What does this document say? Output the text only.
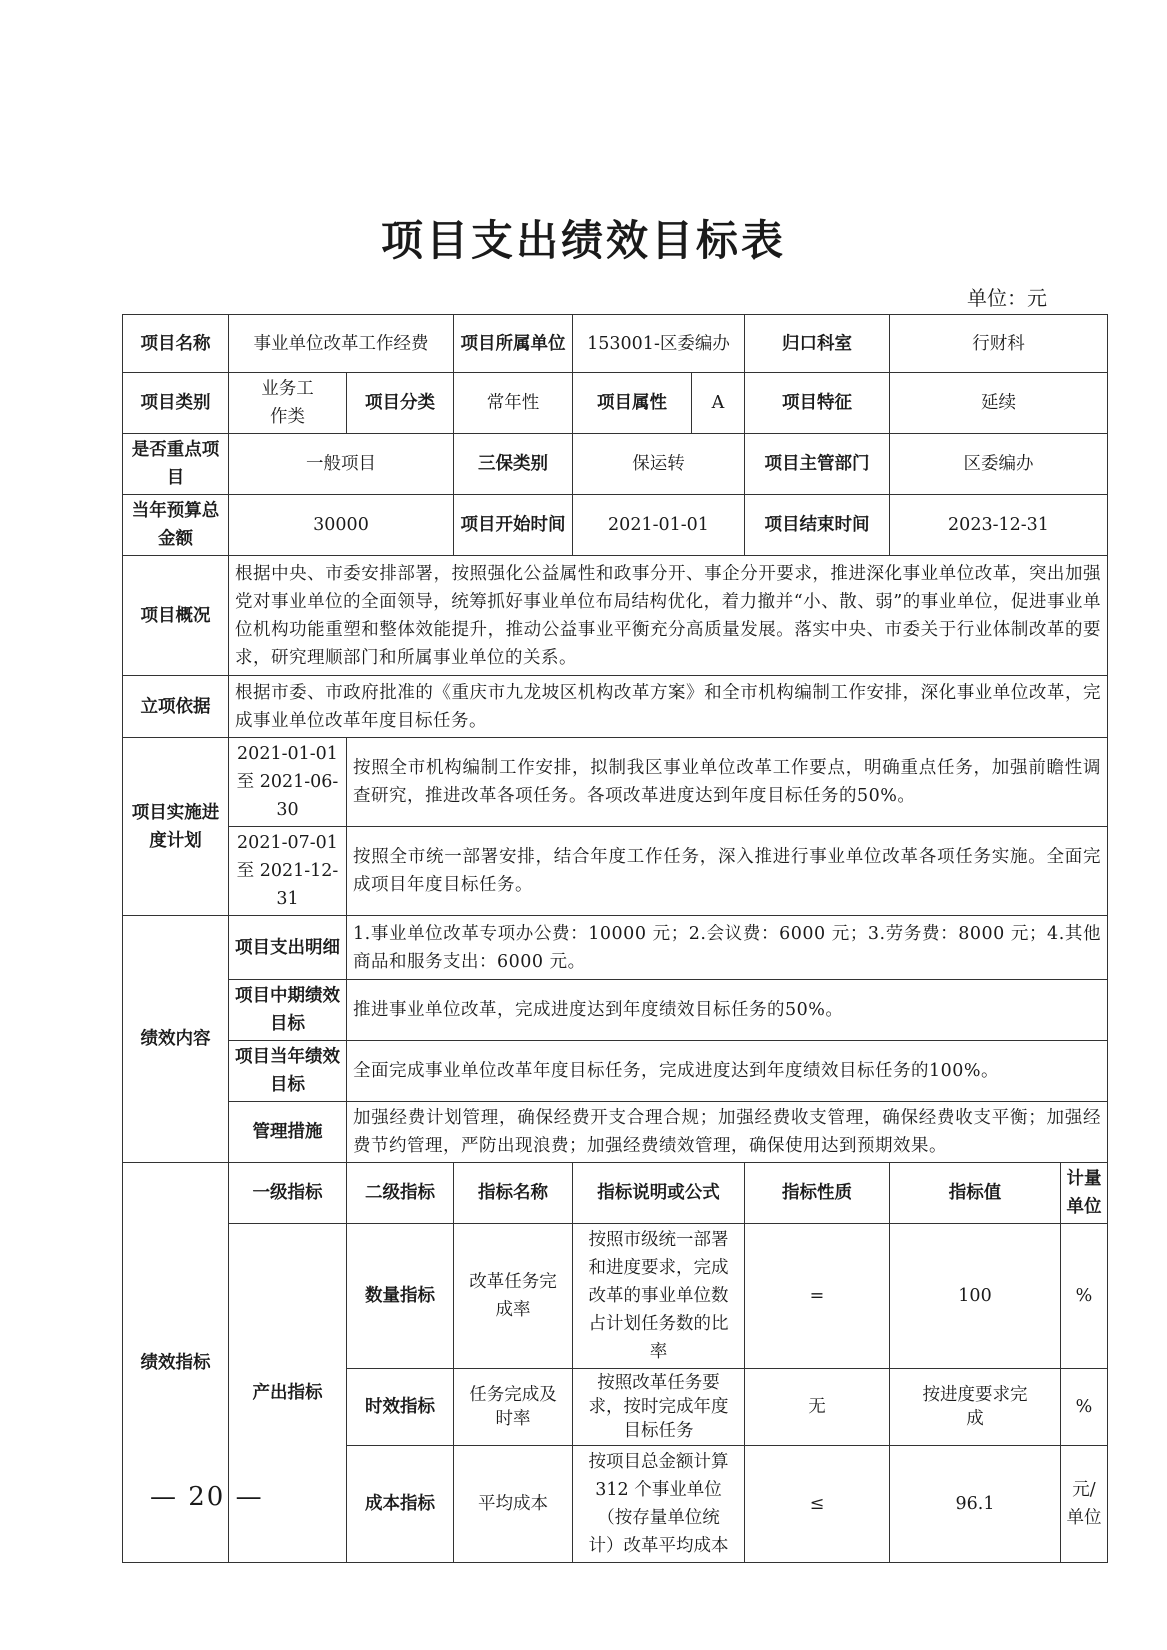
项目支出绩效目标表
单位：元
项目名称	事业单位改革工作经费		项目所属单位	153001-区委编办		归口科室	行财科	
项目类别	业务工作类	项目分类	常年性	项目属性	A	项目特征	延续	
是否重点项目	一般项目		三保类别	保运转		项目主管部门	区委编办	
当年预算总金额	30000		项目开始时间	2021-01-01		项目结束时间	2023-12-31	
项目概况	根据中央、市委安排部署，按照强化公益属性和政事分开、事企分开要求，推进深化事业单位改革，突出加强党对事业单位的全面领导，统筹抓好事业单位布局结构优化，着力撤并“小、散、弱”的事业单位，促进事业单位机构功能重塑和整体效能提升，推动公益事业平衡充分高质量发展。落实中央、市委关于行业体制改革的要求，研究理顺部门和所属事业单位的关系。							
立项依据	根据市委、市政府批准的《重庆市九龙坡区机构改革方案》和全市机构编制工作安排，深化事业单位改革，完成事业单位改革年度目标任务。							
项目实施进度计划	2021-01-01 至 2021-06-30	按照全市机构编制工作安排，拟制我区事业单位改革工作要点，明确重点任务，加强前瞻性调查研究，推进改革各项任务。各项改革进度达到年度目标任务的50%。						
	2021-07-01 至 2021-12-31	按照全市统一部署安排，结合年度工作任务，深入推进行事业单位改革各项任务实施。全面完成项目年度目标任务。						
绩效内容	项目支出明细	1.事业单位改革专项办公费：10000 元；2.会议费：6000 元；3.劳务费：8000 元；4.其他商品和服务支出：6000 元。						
	项目中期绩效目标	推进事业单位改革，完成进度达到年度绩效目标任务的50%。						
	项目当年绩效目标	全面完成事业单位改革年度目标任务，完成进度达到年度绩效目标任务的100%。						
	管理措施	加强经费计划管理，确保经费开支合理合规；加强经费收支管理，确保经费收支平衡；加强经费节约管理，严防出现浪费；加强经费绩效管理，确保使用达到预期效果。						
绩效指标	一级指标	二级指标	指标名称	指标说明或公式		指标性质	指标值	计量单位
	产出指标	数量指标	改革任务完成率	按照市级统一部署和进度要求，完成改革的事业单位数占计划任务数的比率		=	100	%
		时效指标	任务完成及时率	按照改革任务要求，按时完成年度目标任务		无	按进度要求完成	%
		成本指标	平均成本	按项目总金额计算 312 个事业单位（按存量单位统计）改革平均成本		≤	96.1	元/单位
— 20 —
